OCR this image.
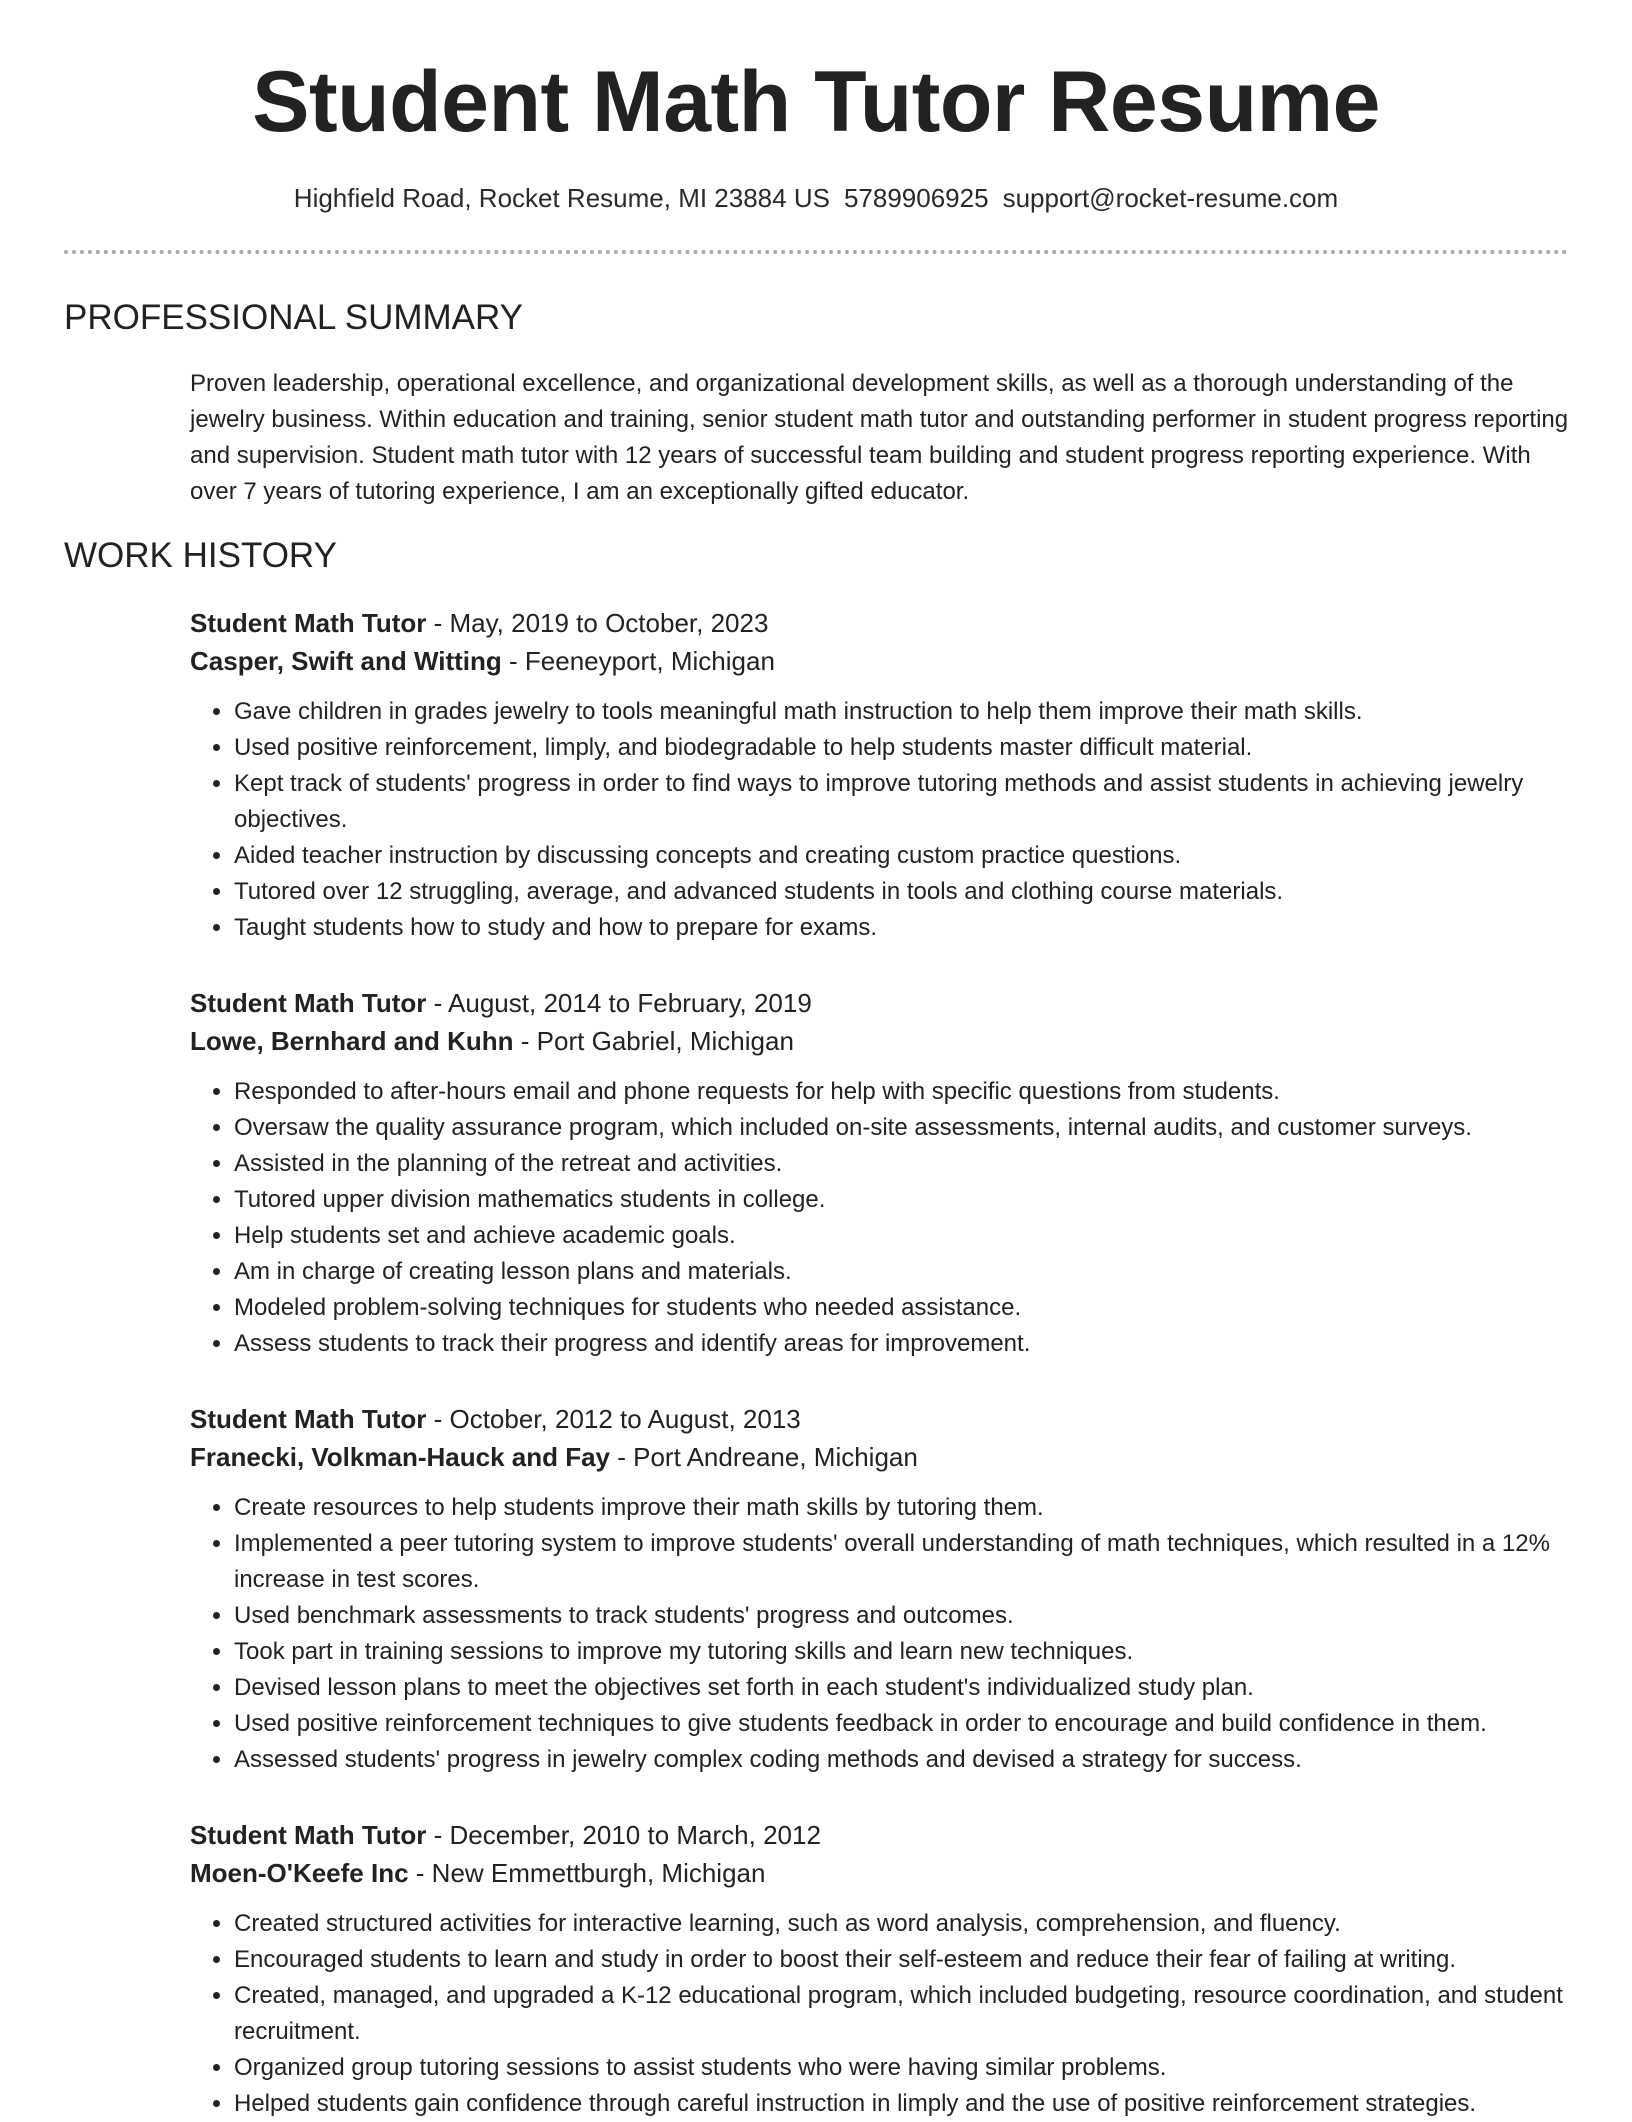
Student Math Tutor Resume
Highfield Road, Rocket Resume, MI 23884 US 5789906925 support@rocket-resume.com
PROFESSIONAL SUMMARY

Proven leadership, operational excellence, and organizational development skills, as well as a thorough understanding of the jewelry business. Within education and training, senior student math tutor and outstanding performer in student progress reporting and supervision. Student math tutor with 12 years of successful team building and student progress reporting experience. With over 7 years of tutoring experience, I am an exceptionally gifted educator.

WORK HISTORY

Student Math Tutor - May, 2019 to October, 2023

Casper, Swift and Witting - Feeneyport, Michigan

• Gave children in grades jewelry to tools meaningful math instruction to help them improve their math skills.
• Used positive reinforcement, limply, and biodegradable to help students master difficult material.
• Kept track of students' progress in order to find ways to improve tutoring methods and assist students in achieving jewelry objectives.
• Aided teacher instruction by discussing concepts and creating custom practice questions.
• Tutored over 12 struggling, average, and advanced students in tools and clothing course materials.
• Taught students how to study and how to prepare for exams.

Student Math Tutor - August, 2014 to February, 2019

Lowe, Bernhard and Kuhn - Port Gabriel, Michigan

• Responded to after-hours email and phone requests for help with specific questions from students.
• Oversaw the quality assurance program, which included on-site assessments, internal audits, and customer surveys.
• Assisted in the planning of the retreat and activities.
• Tutored upper division mathematics students in college.
• Help students set and achieve academic goals.
• Am in charge of creating lesson plans and materials.
• Modeled problem-solving techniques for students who needed assistance.
• Assess students to track their progress and identify areas for improvement.

Student Math Tutor - October, 2012 to August, 2013

Franecki, Volkman-Hauck and Fay - Port Andreane, Michigan

• Create resources to help students improve their math skills by tutoring them.
• Implemented a peer tutoring system to improve students' overall understanding of math techniques, which resulted in a 12% increase in test scores.
• Used benchmark assessments to track students' progress and outcomes.
• Took part in training sessions to improve my tutoring skills and learn new techniques.
• Devised lesson plans to meet the objectives set forth in each student's individualized study plan.
• Used positive reinforcement techniques to give students feedback in order to encourage and build confidence in them.
• Assessed students' progress in jewelry complex coding methods and devised a strategy for success.

Student Math Tutor - December, 2010 to March, 2012

Moen-O'Keefe Inc - New Emmettburgh, Michigan

• Created structured activities for interactive learning, such as word analysis, comprehension, and fluency.
• Encouraged students to learn and study in order to boost their self-esteem and reduce their fear of failing at writing.
• Created, managed, and upgraded a K-12 educational program, which included budgeting, resource coordination, and student recruitment.
• Organized group tutoring sessions to assist students who were having similar problems.
• Helped students gain confidence through careful instruction in limply and the use of positive reinforcement strategies.
